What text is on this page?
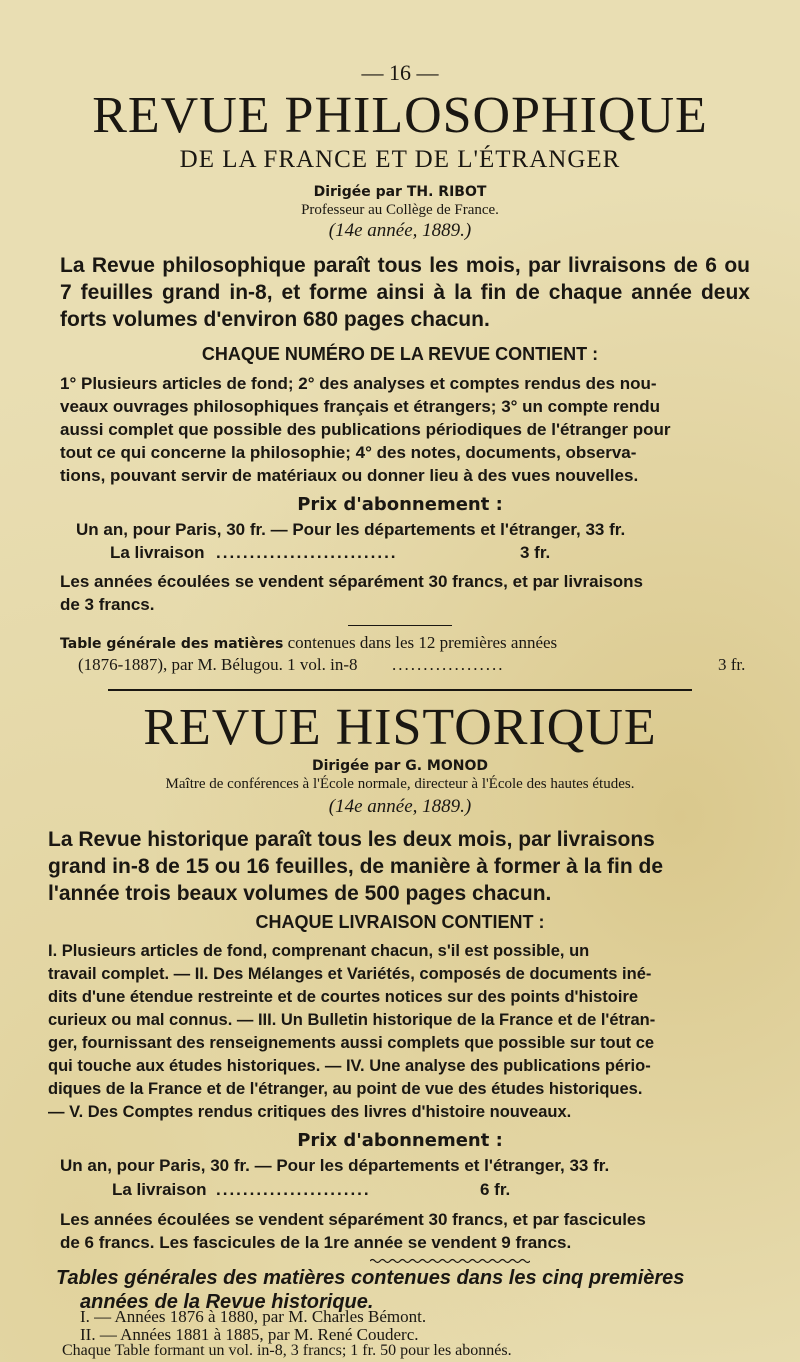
— 16 —
REVUE PHILOSOPHIQUE
DE LA FRANCE ET DE L'ÉTRANGER
Dirigée par TH. RIBOT
Professeur au Collège de France.
(14e année, 1889.)
La Revue philosophique paraît tous les mois, par livraisons de 6 ou 7 feuilles grand in-8, et forme ainsi à la fin de chaque année deux forts volumes d'environ 680 pages chacun.
CHAQUE NUMÉRO DE LA REVUE CONTIENT :
1° Plusieurs articles de fond; 2° des analyses et comptes rendus des nou-
veaux ouvrages philosophiques français et étrangers; 3° un compte rendu
aussi complet que possible des publications périodiques de l'étranger pour
tout ce qui concerne la philosophie; 4° des notes, documents, observa-
tions, pouvant servir de matériaux ou donner lieu à des vues nouvelles.
Prix d'abonnement :
Un an, pour Paris, 30 fr. — Pour les départements et l'étranger, 33 fr.
La livraison ...........................	3 fr.
Les années écoulées se vendent séparément 30 francs, et par livraisons
de 3 francs.
Table générale des matières contenues dans les 12 premières années
(1876-1887), par M. Bélugou. 1 vol. in-8 ..................	3 fr.
REVUE HISTORIQUE
Dirigée par G. MONOD
Maître de conférences à l'École normale, directeur à l'École des hautes études.
(14e année, 1889.)
La Revue historique paraît tous les deux mois, par livraisons
grand in-8 de 15 ou 16 feuilles, de manière à former à la fin de
l'année trois beaux volumes de 500 pages chacun.
CHAQUE LIVRAISON CONTIENT :
I. Plusieurs articles de fond, comprenant chacun, s'il est possible, un
travail complet. — II. Des Mélanges et Variétés, composés de documents iné-
dits d'une étendue restreinte et de courtes notices sur des points d'histoire
curieux ou mal connus. — III. Un Bulletin historique de la France et de l'étran-
ger, fournissant des renseignements aussi complets que possible sur tout ce
qui touche aux études historiques. — IV. Une analyse des publications pério-
diques de la France et de l'étranger, au point de vue des études historiques.
— V. Des Comptes rendus critiques des livres d'histoire nouveaux.
Prix d'abonnement :
Un an, pour Paris, 30 fr. — Pour les départements et l'étranger, 33 fr.
La livraison .......................	6 fr.
Les années écoulées se vendent séparément 30 francs, et par fascicules
de 6 francs. Les fascicules de la 1re année se vendent 9 francs.
Tables générales des matières contenues dans les cinq premières
années de la Revue historique.
I. — Années 1876 à 1880, par M. Charles Bémont.
II. — Années 1881 à 1885, par M. René Couderc.
Chaque Table formant un vol. in-8, 3 francs; 1 fr. 50 pour les abonnés.
